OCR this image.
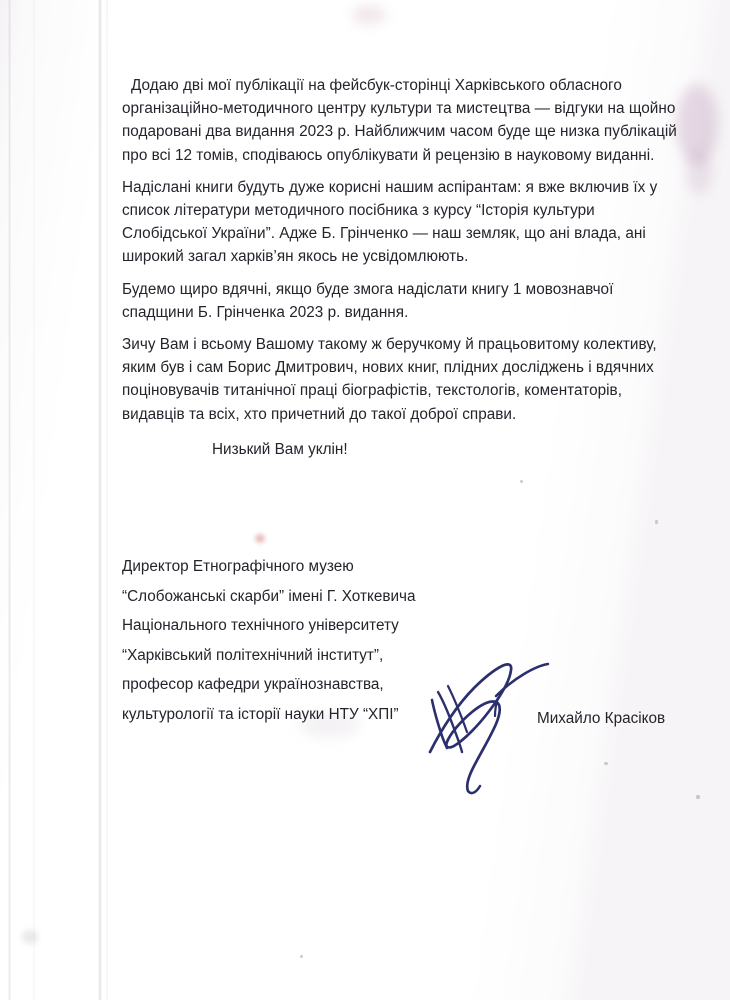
Додаю дві мої публікації на фейсбук-сторінці Харківського обласного організаційно-методичного центру культури та мистецтва — відгуки на щойно подаровані два видання 2023 р. Найближчим часом буде ще низка публікацій про всі 12 томів, сподіваюсь опублікувати й рецензію в науковому виданні.

Надіслані книги будуть дуже корисні нашим аспірантам: я вже включив їх у список літератури методичного посібника з курсу “Історія культури Слобідської України”. Адже Б. Грінченко — наш земляк, що ані влада, ані широкий загал харків’ян якось не усвідомлюють.

Будемо щиро вдячні, якщо буде змога надіслати книгу 1 мовознавчої спадщини Б. Грінченка 2023 р. видання.

Зичу Вам і всьому Вашому такому ж беручкому й працьовитому колективу, яким був і сам Борис Дмитрович, нових книг, плідних досліджень і вдячних поціновувачів титанічної праці біографістів, текстологів, коментаторів, видавців та всіх, хто причетний до такої доброї справи.

Низький Вам уклін!

Директор Етнографічного музею

“Слобожанські скарби” імені Г. Хоткевича

Національного технічного університету

“Харківський політехнічний інститут”,

професор кафедри українознавства,

культурології та історії науки НТУ “ХПІ”	Михайло Красіков
